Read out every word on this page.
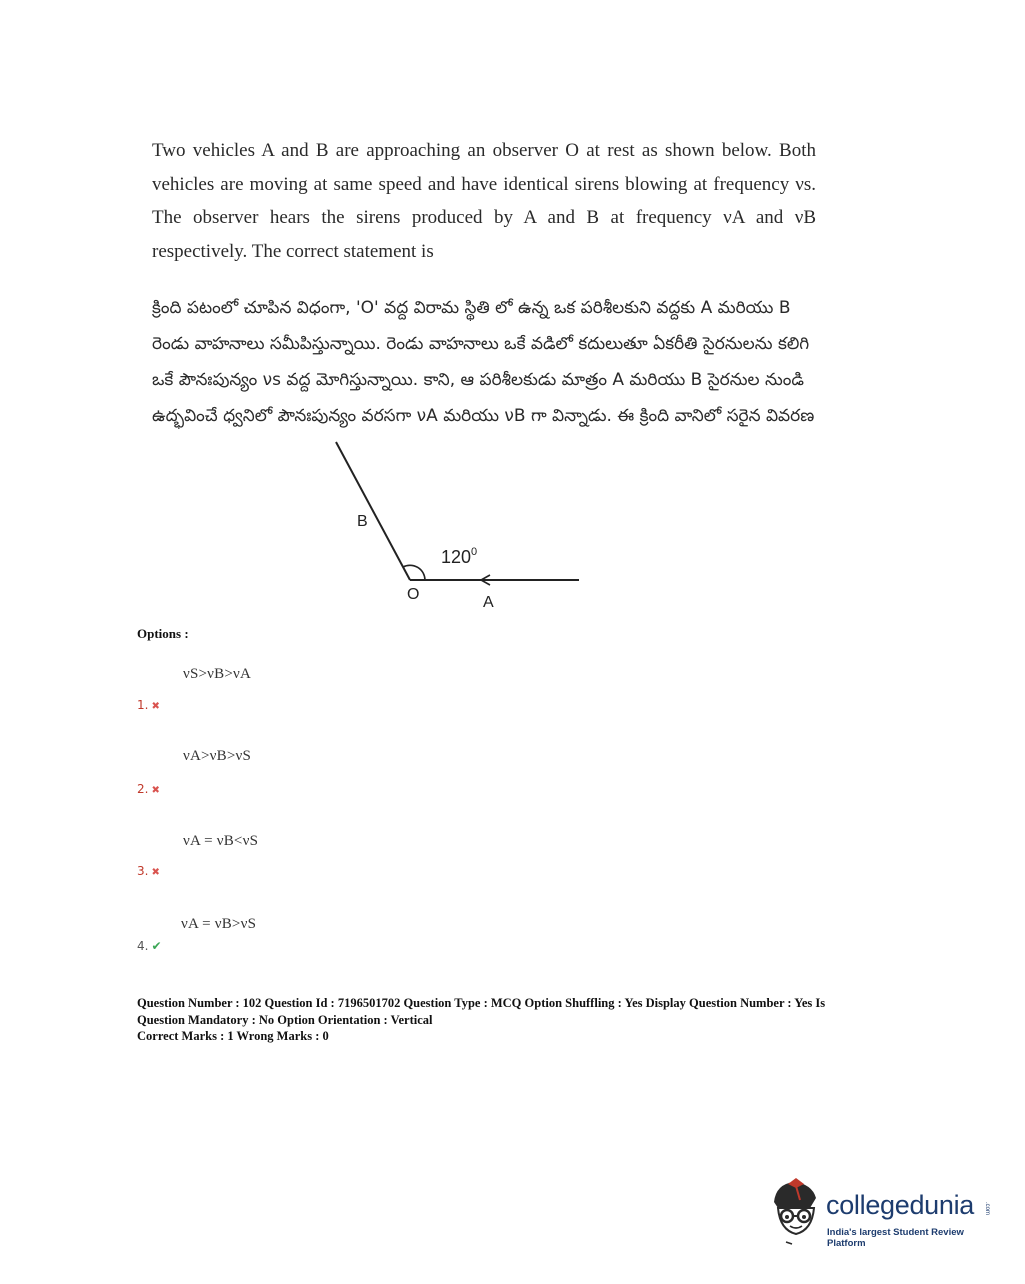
Two vehicles A and B are approaching an observer O at rest as shown below. Both vehicles are moving at same speed and have identical sirens blowing at frequency νs. The observer hears the sirens produced by A and B at frequency νA and νB respectively. The correct statement is
క్రింది పటంలో చూపిన విధంగా, 'O' వద్ద విరామ స్థితి లో ఉన్న ఒక పరిశీలకుని వద్దకు A మరియు B రెండు వాహనాలు సమీపిస్తున్నాయి. రెండు వాహనాలు ఒకే వడిలో కదులుతూ ఏకరీతి సైరనులను కలిగి ఒకే పౌనఃపున్యం νs వద్ద మోగిస్తున్నాయి. కాని, ఆ పరిశీలకుడు మాత్రం A మరియు B సైరనుల నుండి ఉద్భవించే ధ్వనిలో పౌనఃపున్యం వరసగా νA మరియు νB గా విన్నాడు. ఈ క్రింది వానిలో సరైన వివరణ
B
O	A
$120^0$
Options :
νS>νB>νA
1. ✖
νA>νB>νS
2. ✖
νA = νB<νS
3. ✖
νA = νB>νS
4. ✔
Question Number : 102 Question Id : 7196501702 Question Type : MCQ Option Shuffling : Yes Display Question Number : Yes Is Question Mandatory : No Option Orientation : Vertical
Correct Marks : 1 Wrong Marks : 0
collegedunia .com
India's largest Student Review Platform
